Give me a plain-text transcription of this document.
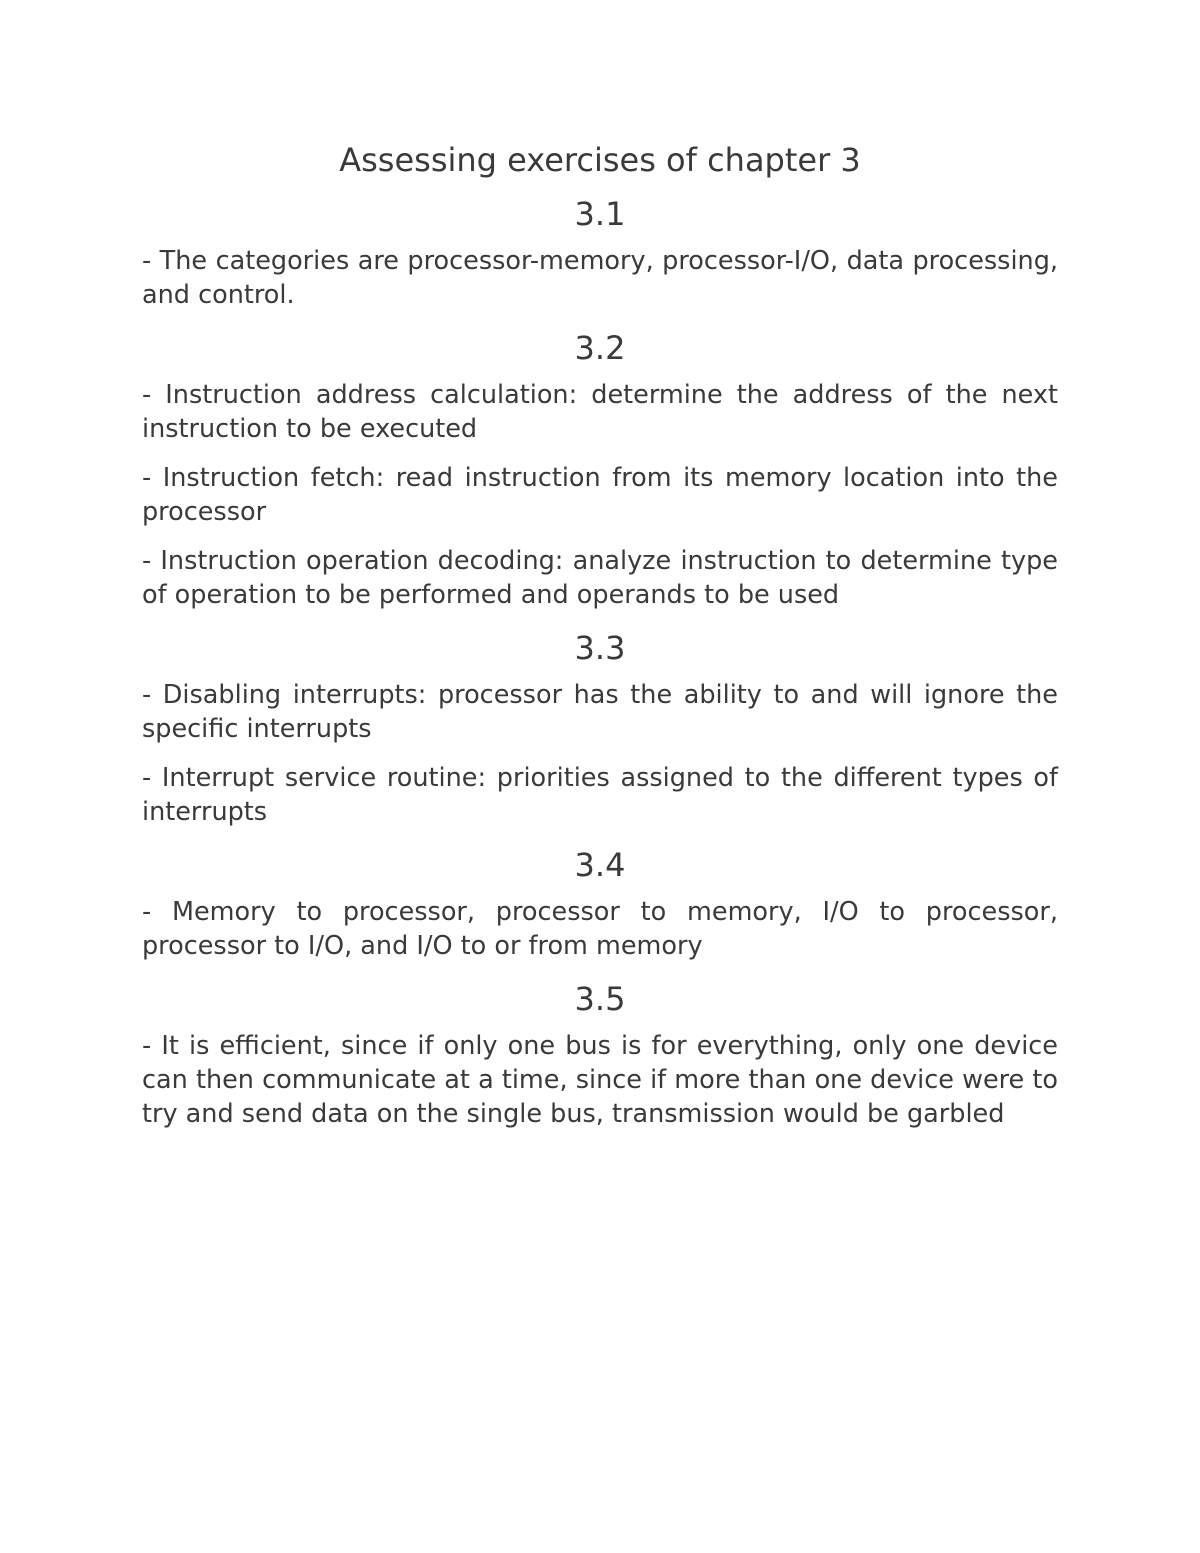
Assessing exercises of chapter 3
3.1

- The categories are processor-memory, processor-I/O, data processing, and control.

3.2

- Instruction address calculation: determine the address of the next instruction to be executed

- Instruction fetch: read instruction from its memory location into the processor

- Instruction operation decoding: analyze instruction to determine type of operation to be performed and operands to be used

3.3

- Disabling interrupts: processor has the ability to and will ignore the specific interrupts

- Interrupt service routine: priorities assigned to the different types of interrupts

3.4

- Memory to processor, processor to memory, I/O to processor, processor to I/O, and I/O to or from memory

3.5

- It is efficient, since if only one bus is for everything, only one device can then communicate at a time, since if more than one device were to try and send data on the single bus, transmission would be garbled
